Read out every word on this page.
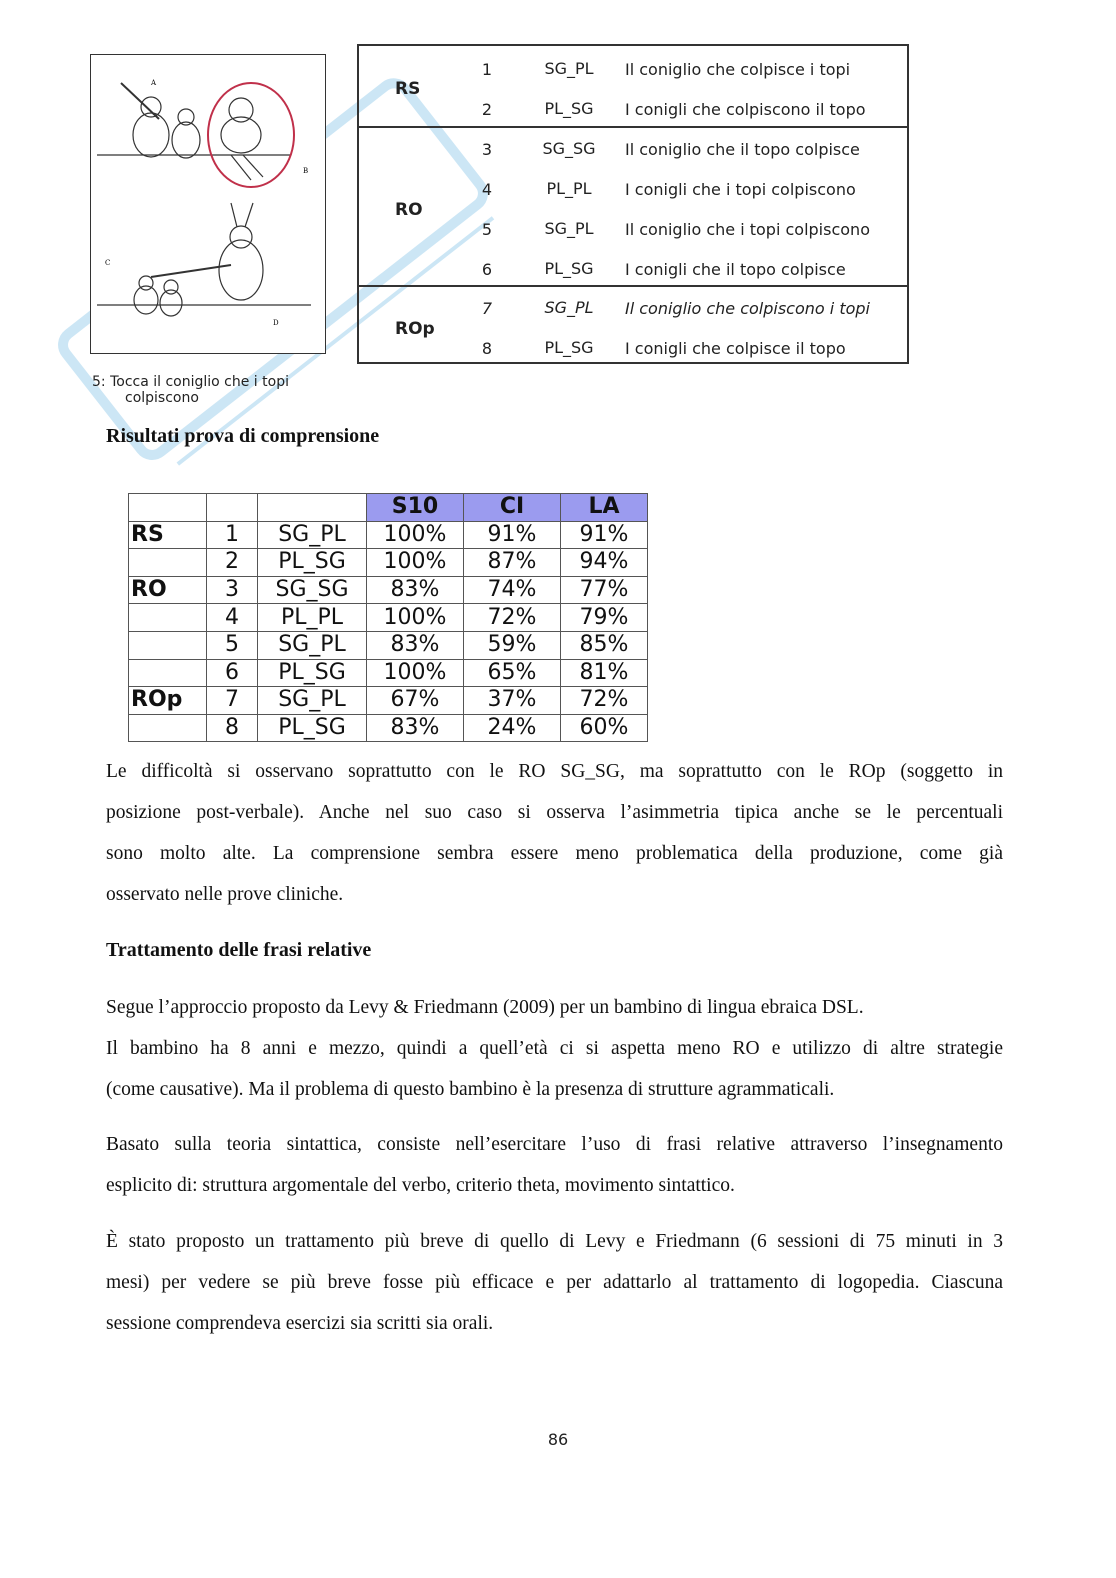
A
B
C
D
5: Tocca il coniglio che i topi
colpiscono
RS
1	SG_PL	Il coniglio che colpisce i topi
2	PL_SG	I conigli che colpiscono il topo
RO
3	SG_SG	Il coniglio che il topo colpisce
4	PL_PL	I conigli che i topi colpiscono
5	SG_PL	Il coniglio che i topi colpiscono
6	PL_SG	I conigli che il topo colpisce
ROp
7	SG_PL	Il coniglio che colpiscono i topi
8	PL_SG	I conigli che colpisce il topo
Risultati prova di comprensione
			S10	CI	LA
RS	1	SG_PL	100%	91%	91%
	2	PL_SG	100%	87%	94%
RO	3	SG_SG	83%	74%	77%
	4	PL_PL	100%	72%	79%
	5	SG_PL	83%	59%	85%
	6	PL_SG	100%	65%	81%
ROp	7	SG_PL	67%	37%	72%
	8	PL_SG	83%	24%	60%
Le difficoltà si osservano soprattutto con le RO SG_SG, ma soprattutto con le ROp (soggetto in
posizione post-verbale). Anche nel suo caso si osserva l’asimmetria tipica anche se le percentuali
sono molto alte. La comprensione sembra essere meno problematica della produzione, come già
osservato nelle prove cliniche.
Trattamento delle frasi relative
Segue l’approccio proposto da Levy & Friedmann (2009) per un bambino di lingua ebraica DSL.
Il bambino ha 8 anni e mezzo, quindi a quell’età ci si aspetta meno RO e utilizzo di altre strategie
(come causative). Ma il problema di questo bambino è la presenza di strutture agrammaticali.
Basato sulla teoria sintattica, consiste nell’esercitare l’uso di frasi relative attraverso l’insegnamento
esplicito di: struttura argomentale del verbo, criterio theta, movimento sintattico.
È stato proposto un trattamento più breve di quello di Levy e Friedmann (6 sessioni di 75 minuti in 3
mesi) per vedere se più breve fosse più efficace e per adattarlo al trattamento di logopedia. Ciascuna
sessione comprendeva esercizi sia scritti sia orali.
86
